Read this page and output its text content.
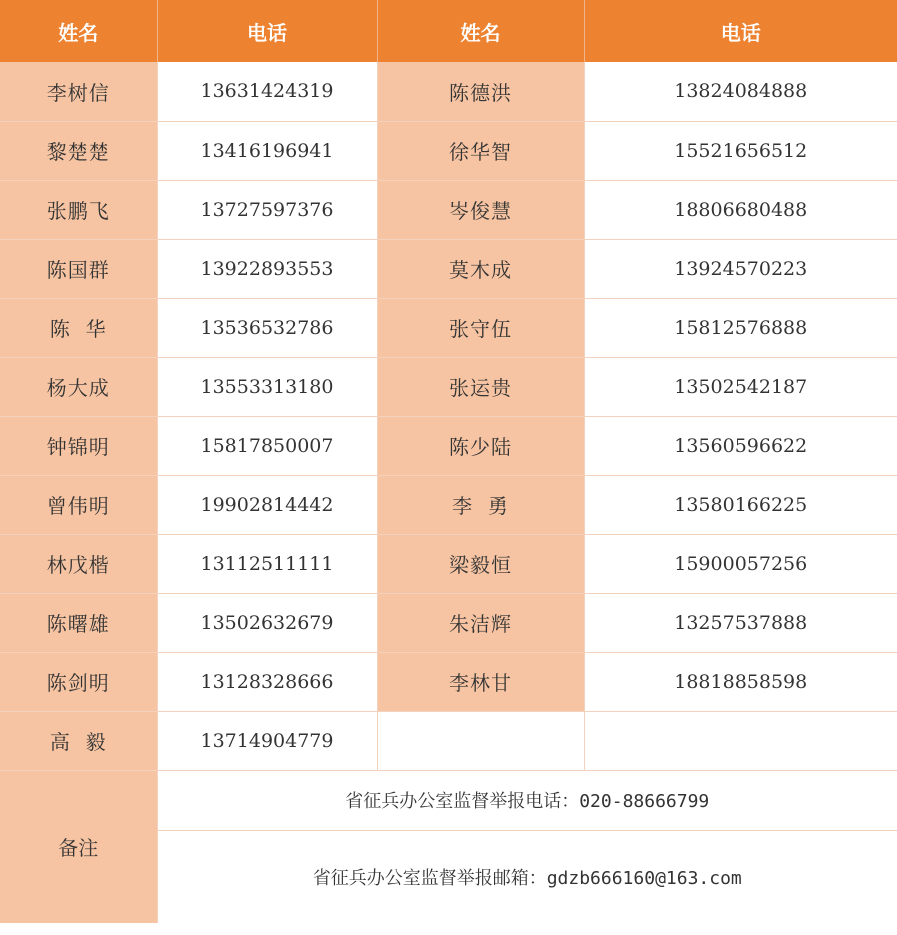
姓名	电话	姓名	电话
李树信	13631424319	陈德洪	13824084888
黎楚楚	13416196941	徐华智	15521656512
张鹏飞	13727597376	岑俊慧	18806680488
陈国群	13922893553	莫木成	13924570223
陈  华	13536532786	张守伍	15812576888
杨大成	13553313180	张运贵	13502542187
钟锦明	15817850007	陈少陆	13560596622
曾伟明	19902814442	李  勇	13580166225
林戊楷	13112511111	梁毅恒	15900057256
陈曙雄	13502632679	朱洁辉	13257537888
陈剑明	13128328666	李林甘	18818858598
高  毅	13714904779		
备注	省征兵办公室监督举报电话：020-88666799		
	省征兵办公室监督举报邮箱：gdzb666160@163.com		
